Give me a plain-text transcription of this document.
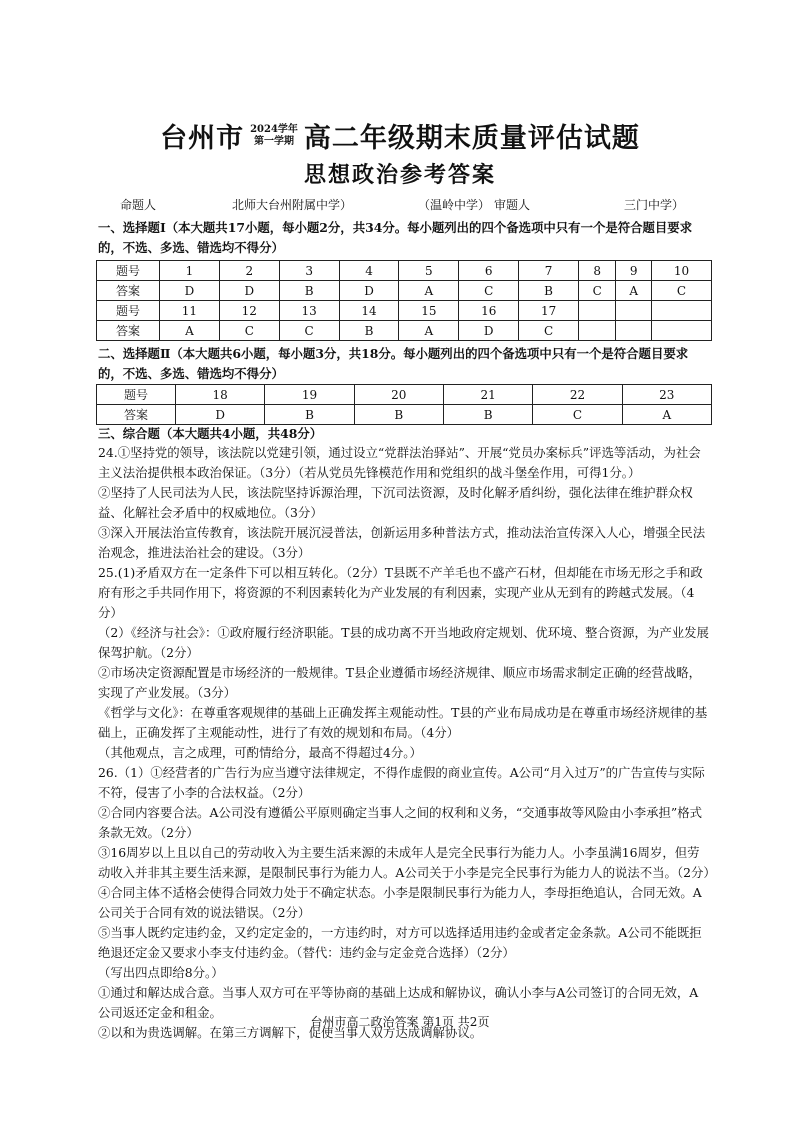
台州市 2024学年
第一学期 高二年级期末质量评估试题
思想政治参考答案
命题人	北师大台州附属中学）	（温岭中学） 审题人	三门中学）
一、选择题Ⅰ（本大题共17小题，每小题2分，共34分。每小题列出的四个备选项中只有一个是符合题目要求的，不选、多选、错选均不得分）
题号	1	2	3	4	5	6	7	8	9	10
答案	D	D	B	D	A	C	B	C	A	C
题号	11	12	13	14	15	16	17			
答案	A	C	C	B	A	D	C			
二、选择题Ⅱ（本大题共6小题，每小题3分，共18分。每小题列出的四个备选项中只有一个是符合题目要求的，不选、多选、错选均不得分）
题号	18	19	20	21	22	23
答案	D	B	B	B	C	A
三、综合题（本大题共4小题，共48分）

24.①坚持党的领导，该法院以党建引领，通过设立“党群法治驿站”、开展“党员办案标兵”评选等活动，为社会主义法治提供根本政治保证。（3分）（若从党员先锋模范作用和党组织的战斗堡垒作用，可得1分。）

②坚持了人民司法为人民，该法院坚持诉源治理，下沉司法资源，及时化解矛盾纠纷，强化法律在维护群众权益、化解社会矛盾中的权威地位。（3分）

③深入开展法治宣传教育，该法院开展沉浸普法，创新运用多种普法方式，推动法治宣传深入人心，增强全民法治观念，推进法治社会的建设。（3分）

25.(1)矛盾双方在一定条件下可以相互转化。（2分）T县既不产羊毛也不盛产石材，但却能在市场无形之手和政府有形之手共同作用下，将资源的不利因素转化为产业发展的有利因素，实现产业从无到有的跨越式发展。（4分）

（2）《经济与社会》：①政府履行经济职能。T县的成功离不开当地政府定规划、优环境、整合资源，为产业发展保驾护航。（2分）

②市场决定资源配置是市场经济的一般规律。T县企业遵循市场经济规律、顺应市场需求制定正确的经营战略，实现了产业发展。（3分）

《哲学与文化》：在尊重客观规律的基础上正确发挥主观能动性。T县的产业布局成功是在尊重市场经济规律的基础上，正确发挥了主观能动性，进行了有效的规划和布局。（4分）

（其他观点，言之成理，可酌情给分，最高不得超过4分。）

26.（1）①经营者的广告行为应当遵守法律规定，不得作虚假的商业宣传。A公司“月入过万”的广告宣传与实际不符，侵害了小李的合法权益。（2分）

②合同内容要合法。A公司没有遵循公平原则确定当事人之间的权利和义务，“交通事故等风险由小李承担”格式条款无效。（2分）

③16周岁以上且以自己的劳动收入为主要生活来源的未成年人是完全民事行为能力人。小李虽满16周岁，但劳动收入并非其主要生活来源，是限制民事行为能力人。A公司关于小李是完全民事行为能力人的说法不当。（2分）

④合同主体不适格会使得合同效力处于不确定状态。小李是限制民事行为能力人，李母拒绝追认，合同无效。A公司关于合同有效的说法错误。（2分）

⑤当事人既约定违约金，又约定定金的，一方违约时，对方可以选择适用违约金或者定金条款。A公司不能既拒绝退还定金又要求小李支付违约金。（替代：违约金与定金竞合选择）（2分）

（写出四点即给8分。）

①通过和解达成合意。当事人双方可在平等协商的基础上达成和解协议，确认小李与A公司签订的合同无效，A公司返还定金和租金。

②以和为贵选调解。在第三方调解下，促使当事人双方达成调解协议。

台州市高二政治答案 第1页 共2页
